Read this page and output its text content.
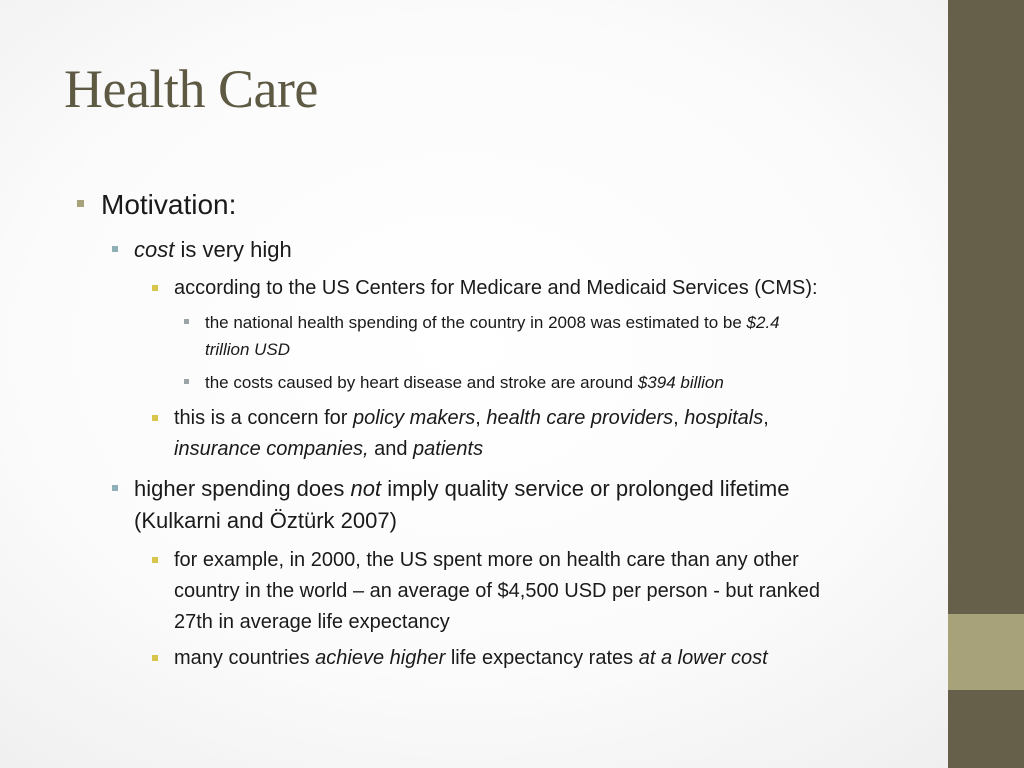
Health Care
Motivation:
cost is very high
according to the US Centers for Medicare and Medicaid Services (CMS):
the national health spending of the country in 2008 was estimated to be $2.4
trillion USD
the costs caused by heart disease and stroke are around $394 billion
this is a concern for policy makers, health care providers, hospitals,
insurance companies, and patients
higher spending does not imply quality service or prolonged lifetime
(Kulkarni and Öztürk 2007)
for example, in 2000, the US spent more on health care than any other
country in the world – an average of $4,500 USD per person - but ranked
27th in average life expectancy
many countries achieve higher life expectancy rates at a lower cost
